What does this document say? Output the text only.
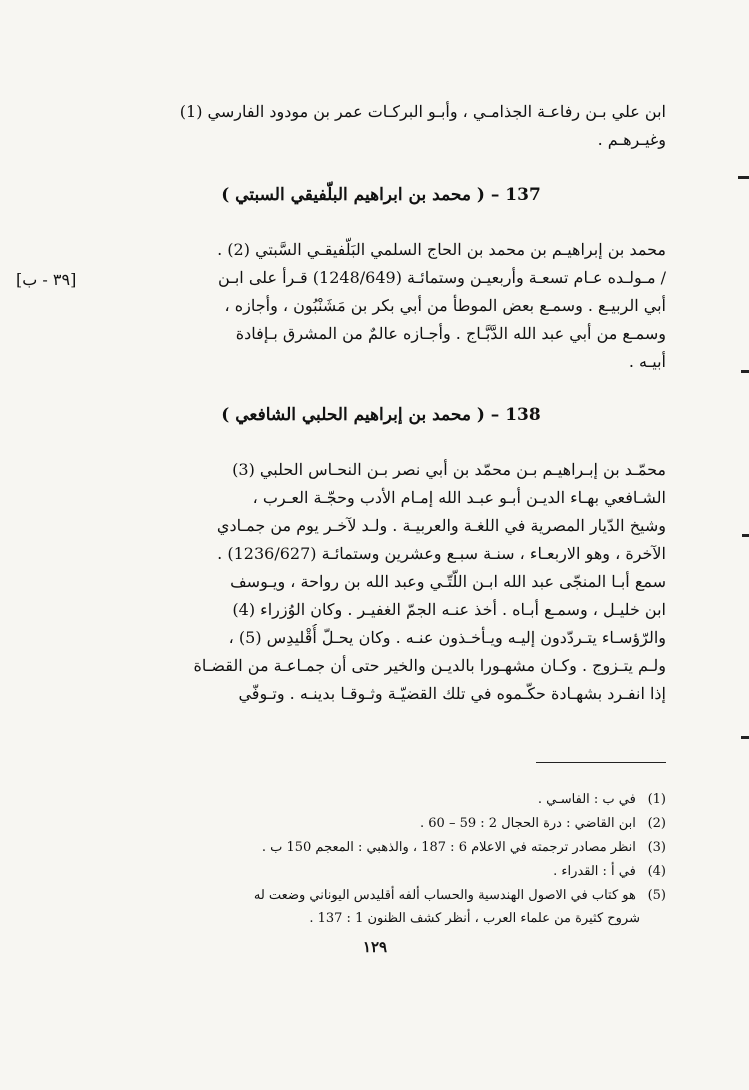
ابن علي بـن رفاعـة الجذامـي ، وأبـو البركـات عمر بن مودود الفارسي (1)
وغيـرهـم .
137 – ( محمد بن ابراهيم البلّفيقي السبتي )
محمد بن إبراهيـم بن محمد بن الحاج السلمي البَلّفيقـي السَّبتي (2) .
/ مـولـده عـام تسعـة وأربعيـن وستمائـة (1248/649) قـرأ على ابـن
أبي الربيـع . وسمـع بعض الموطأ من أبي بكر بن مَشَنْبُون ، وأجازه ،
وسمـع من أبي عبد الله الدَّبَّـاج . وأجـازه عالمٌ من المشرق بـإفادة
أبيـه .
[٣٩ - ب]
138 – ( محمد بن إبراهيم الحلبي الشافعي )
محمّـد بن إبـراهيـم بـن محمّد بن أبي نصر بـن النحـاس الحلبي (3)
الشـافعي بهـاء الديـن أبـو عبـد الله إمـام الأدب وحجّـة العـرب ،
وشيخ الدّيار المصرية في اللغـة والعربيـة . ولـد لآخـر يوم من جمـادي
الآخرة ، وهو الاربعـاء ، سنـة سبـع وعشرين وستمائـة (1236/627) .
سمع أبـا المنجّى عبد الله ابـن اللّتّـي وعبد الله بن رواحة ، ويـوسف
ابن خليـل ، وسمـع أبـاه . أخذ عنـه الجمّ الغفيـر . وكان الوُزراء (4)
والرّؤسـاء يتـردّدون إليـه ويـأخـذون عنـه . وكان يحـلّ أُقْليدِس (5) ،
ولـم يتـزوج . وكـان مشهـورا بالديـن والخير حتى أن جمـاعـة من القضـاة
إذا انفـرد بشهـادة حكّـموه في تلك القضيّـة وثـوقـا بدينـه . وتـوفّي
(1) في ب : الفاسـي .
(2) ابن القاضي : درة الحجال 2 : 59 – 60 .
(3) انظر مصادر ترجمته في الاعلام 6 : 187 ، والذهبي : المعجم 150 ب .
(4) في أ : القدراء .
(5) هو كتاب في الاصول الهندسية والحساب ألفه أقليدس اليوناني وضعت له
شروح كثيرة من علماء العرب ، أنظر كشف الظنون 1 : 137 .
١٢٩
